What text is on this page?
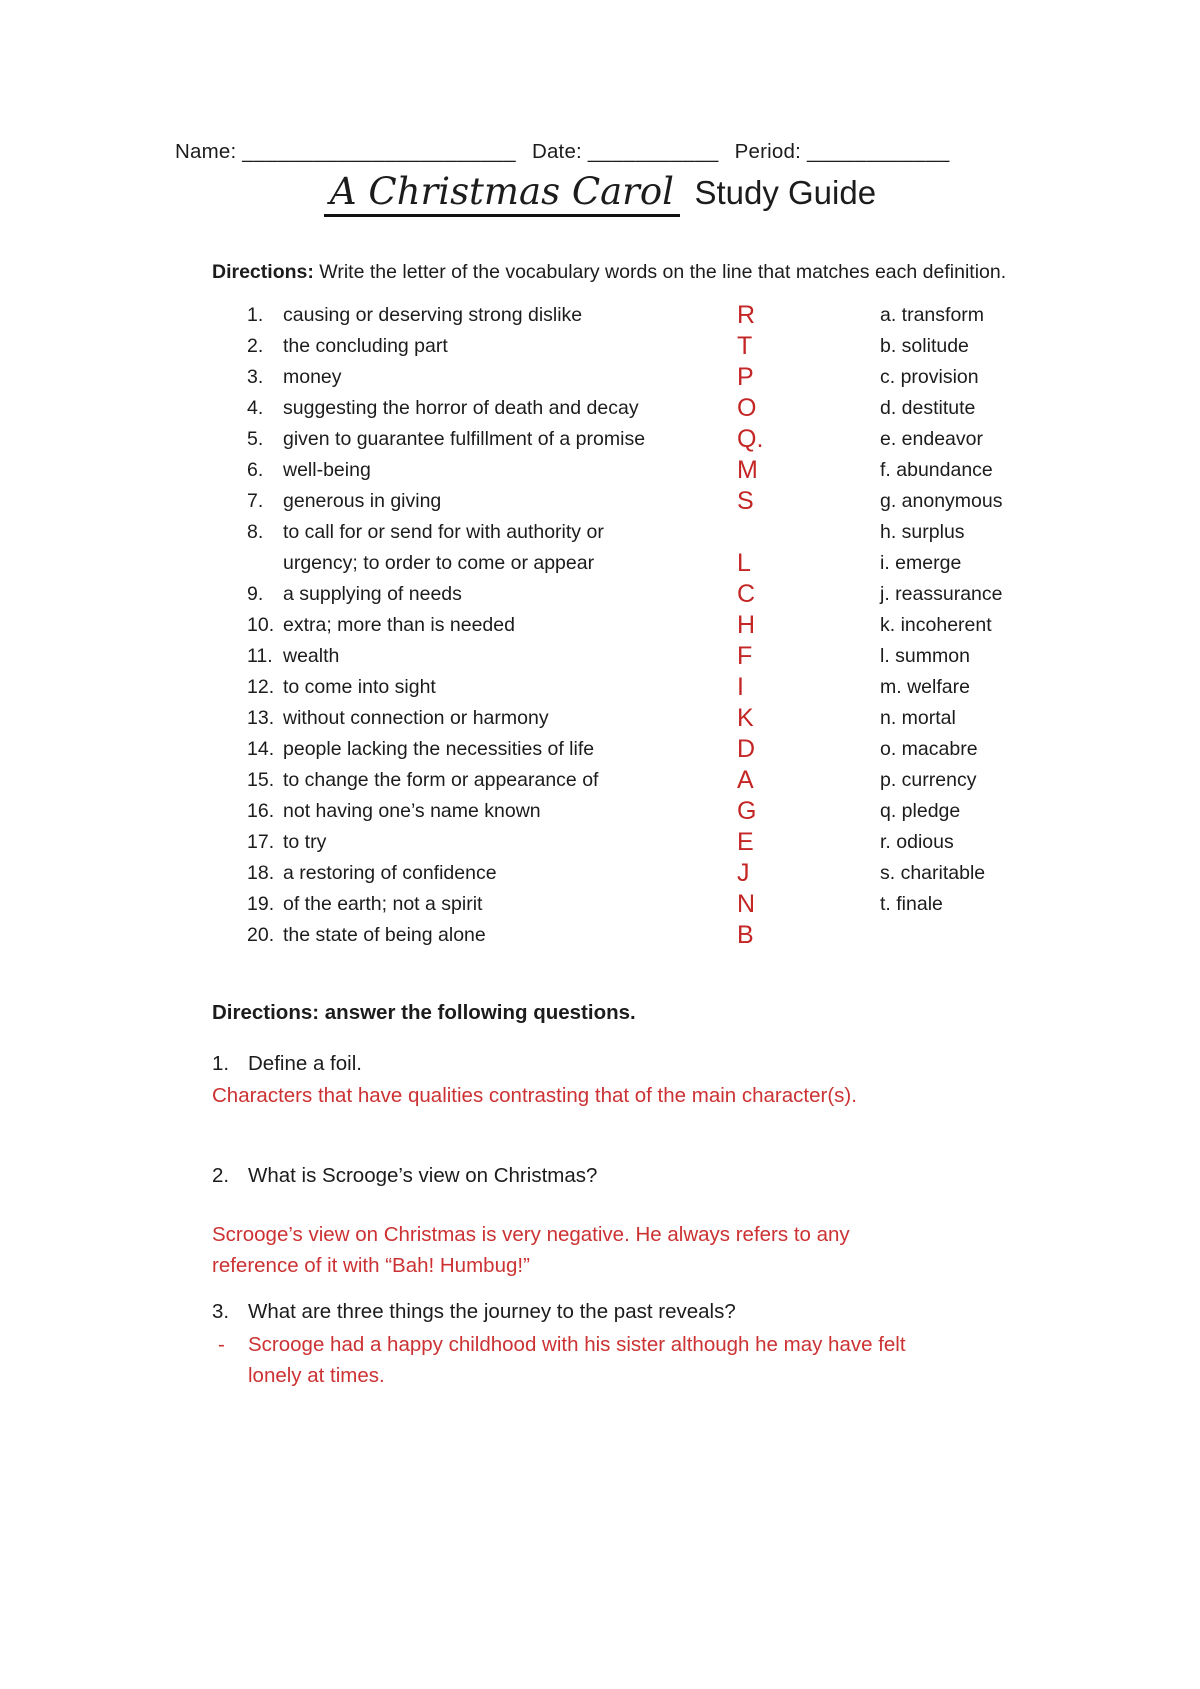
Name: _______________________ Date: ___________ Period: ____________
A Christmas Carol Study Guide

Directions: Write the letter of the vocabulary words on the line that matches each definition.

1.	causing or deserving strong dislike	R	a. transform
2.	the concluding part	T	b. solitude
3.	money	P	c. provision
4.	suggesting the horror of death and decay	O	d. destitute
5.	given to guarantee fulfillment of a promise	Q.	e. endeavor
6.	well-being	M	f. abundance
7.	generous in giving	S	g. anonymous
8.	to call for or send for with authority or	h. surplus
urgency; to order to come or appear	L	i. emerge
9.	a supplying of needs	C	j. reassurance
10. extra; more than is needed	H	k. incoherent
11. wealth	F	l. summon
12. to come into sight	I	m. welfare
13. without connection or harmony	K	n. mortal
14. people lacking the necessities of life	D	o. macabre
15. to change the form or appearance of	A	p. currency
16. not having one’s name known	G	q. pledge
17. to try	E	r. odious
18. a restoring of confidence	J	s. charitable
19. of the earth; not a spirit	N	t. finale
20. the state of being alone	B

Directions: answer the following questions.

1. Define a foil.
Characters that have qualities contrasting that of the main character(s).
2. What is Scrooge’s view on Christmas?
Scrooge’s view on Christmas is very negative. He always refers to any
reference of it with “Bah! Humbug!”
3. What are three things the journey to the past reveals?
-	Scrooge had a happy childhood with his sister although he may have felt
lonely at times.
